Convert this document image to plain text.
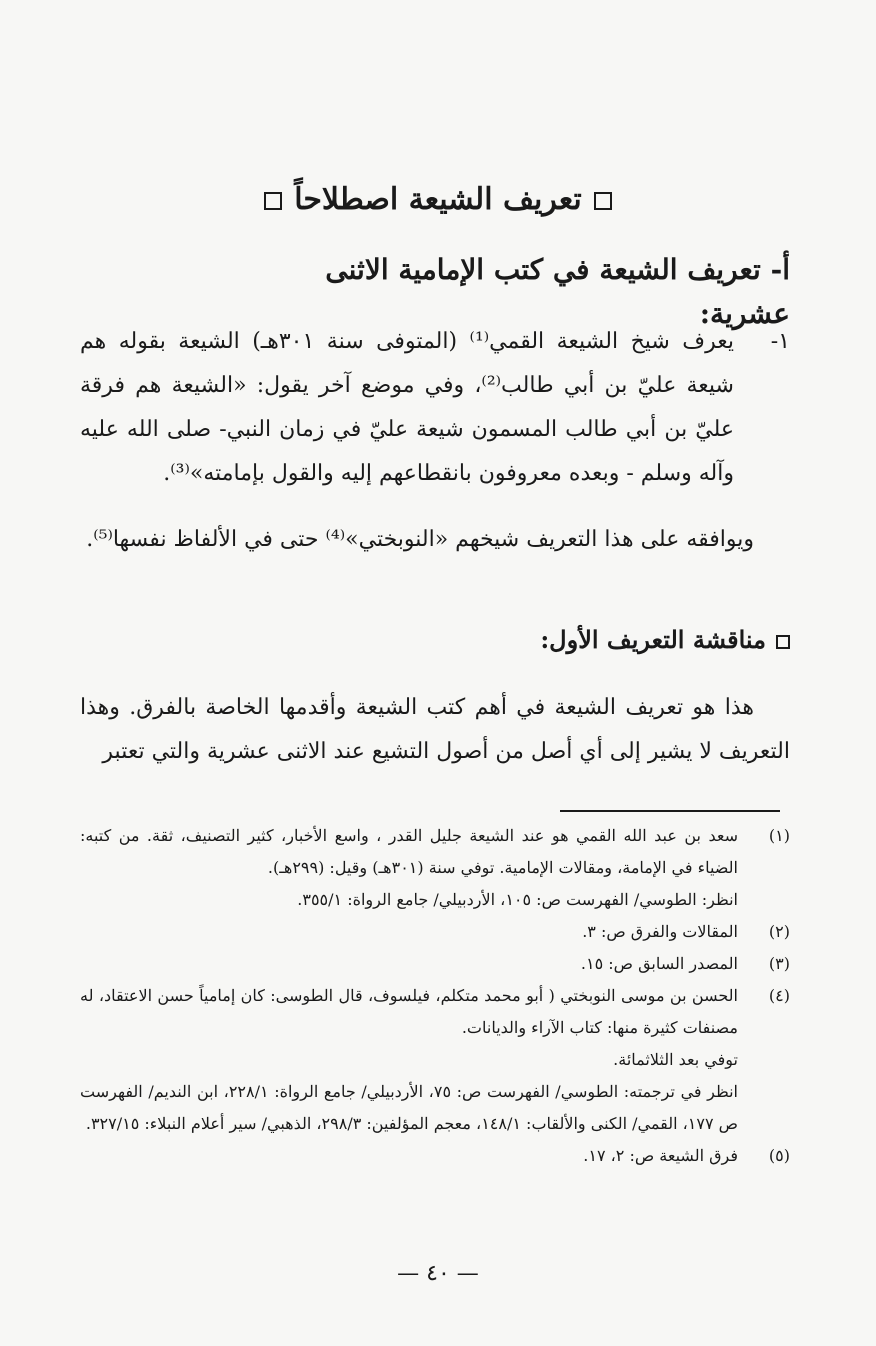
تعريف الشيعة اصطلاحاً
أ- تعريف الشيعة في كتب الإمامية الاثنى عشرية:
١-
يعرف شيخ الشيعة القمي⁽¹⁾ (المتوفى سنة ٣٠١هـ) الشيعة بقوله هم شيعة عليّ بن أبي طالب⁽²⁾، وفي موضع آخر يقول: «الشيعة هم فرقة عليّ بن أبي طالب المسمون شيعة عليّ في زمان النبي- صلى الله عليه وآله وسلم - وبعده معروفون بانقطاعهم إليه والقول بإمامته»⁽³⁾.
ويوافقه على هذا التعريف شيخهم «النوبختي»⁽⁴⁾ حتى في الألفاظ نفسها⁽⁵⁾.
مناقشة التعريف الأول:
هذا هو تعريف الشيعة في أهم كتب الشيعة وأقدمها الخاصة بالفرق. وهذا التعريف لا يشير إلى أي أصل من أصول التشيع عند الاثنى عشرية والتي تعتبر
(١)
سعد بن عبد الله القمي هو عند الشيعة جليل القدر ، واسع الأخبار، كثير التصنيف، ثقة. من كتبه: الضياء في الإمامة، ومقالات الإمامية. توفي سنة (٣٠١هـ) وقيل: (٢٩٩هـ).
انظر: الطوسي/ الفهرست ص: ١٠٥، الأردبيلي/ جامع الرواة: ٣٥٥/١.
(٢)
المقالات والفرق ص: ٣.
(٣)
المصدر السابق ص: ١٥.
(٤)
الحسن بن موسى النوبختي ( أبو محمد متكلم، فيلسوف، قال الطوسى: كان إمامياً حسن الاعتقاد، له مصنفات كثيرة منها: كتاب الآراء والديانات.
توفي بعد الثلاثمائة.
انظر في ترجمته: الطوسي/ الفهرست ص: ٧٥، الأردبيلي/ جامع الرواة: ٢٢٨/١، ابن النديم/ الفهرست ص ١٧٧، القمي/ الكنى والألقاب: ١٤٨/١، معجم المؤلفين: ٢٩٨/٣، الذهبي/ سير أعلام النبلاء: ٣٢٧/١٥.
(٥)
فرق الشيعة ص: ٢، ١٧.
— ٤٠ —
